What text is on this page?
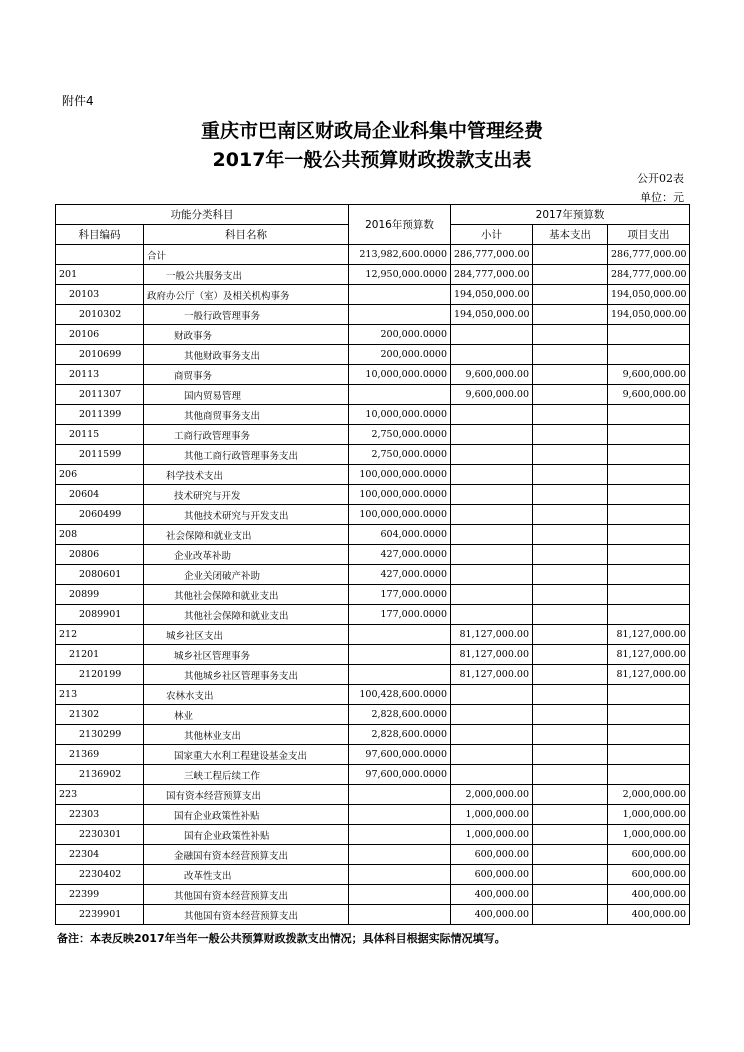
附件4
重庆市巴南区财政局企业科集中管理经费
2017年一般公共预算财政拨款支出表
公开02表
单位：元
功能分类科目		2016年预算数	2017年预算数		
科目编码	科目名称		小计	基本支出	项目支出
	合计	213,982,600.0000	286,777,000.00		286,777,000.00
201	一般公共服务支出	12,950,000.0000	284,777,000.00		284,777,000.00
20103	政府办公厅（室）及相关机构事务		194,050,000.00		194,050,000.00
2010302	一般行政管理事务		194,050,000.00		194,050,000.00
20106	财政事务	200,000.0000			
2010699	其他财政事务支出	200,000.0000			
20113	商贸事务	10,000,000.0000	9,600,000.00		9,600,000.00
2011307	国内贸易管理		9,600,000.00		9,600,000.00
2011399	其他商贸事务支出	10,000,000.0000			
20115	工商行政管理事务	2,750,000.0000			
2011599	其他工商行政管理事务支出	2,750,000.0000			
206	科学技术支出	100,000,000.0000			
20604	技术研究与开发	100,000,000.0000			
2060499	其他技术研究与开发支出	100,000,000.0000			
208	社会保障和就业支出	604,000.0000			
20806	企业改革补助	427,000.0000			
2080601	企业关闭破产补助	427,000.0000			
20899	其他社会保障和就业支出	177,000.0000			
2089901	其他社会保障和就业支出	177,000.0000			
212	城乡社区支出		81,127,000.00		81,127,000.00
21201	城乡社区管理事务		81,127,000.00		81,127,000.00
2120199	其他城乡社区管理事务支出		81,127,000.00		81,127,000.00
213	农林水支出	100,428,600.0000			
21302	林业	2,828,600.0000			
2130299	其他林业支出	2,828,600.0000			
21369	国家重大水利工程建设基金支出	97,600,000.0000			
2136902	三峡工程后续工作	97,600,000.0000			
223	国有资本经营预算支出		2,000,000.00		2,000,000.00
22303	国有企业政策性补贴		1,000,000.00		1,000,000.00
2230301	国有企业政策性补贴		1,000,000.00		1,000,000.00
22304	金融国有资本经营预算支出		600,000.00		600,000.00
2230402	改革性支出		600,000.00		600,000.00
22399	其他国有资本经营预算支出		400,000.00		400,000.00
2239901	其他国有资本经营预算支出		400,000.00		400,000.00
备注：本表反映2017年当年一般公共预算财政拨款支出情况；具体科目根据实际情况填写。
